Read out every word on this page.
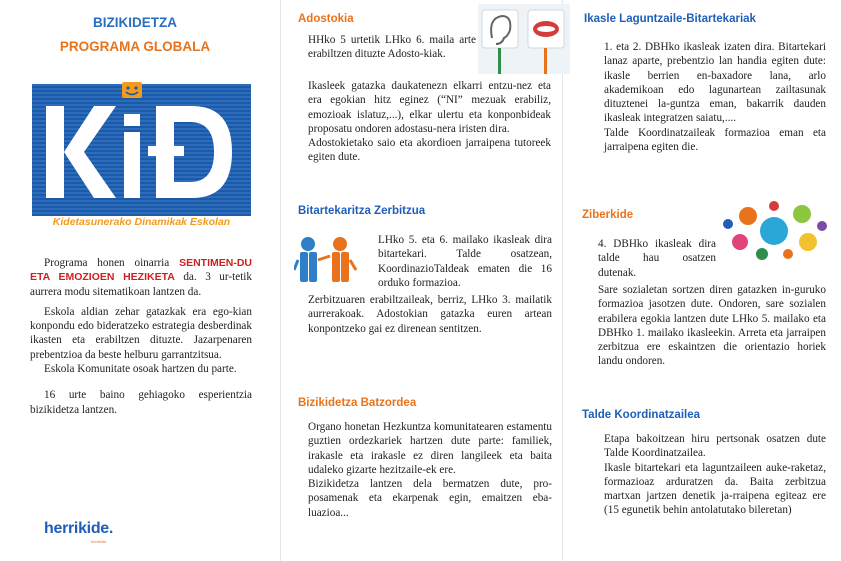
BIZIKIDETZA
PROGRAMA GLOBALA
Kidetasunerako Dinamikak Eskolan

Programa honen oinarria SENTIMEN-DU ETA EMOZIOEN HEZIKETA da. 3 ur-tetik aurrera modu sitematikoan lantzen da.

Eskola aldian zehar gatazkak era ego-kian konpondu edo bideratzeko estrategia desberdinak ikasten eta erabiltzen dituzte. Jazarpenaren prebentzioa da beste helburu garrantzitsua.

Eskola Komunitate osoak hartzen du parte.

16 urte baino gehiagoko esperientzia bizikidetza lantzen.

herrikide.
herrikide
Adostokia
HHko 5 urtetik LHko 6. maila arte erabiltzen dituzte Adosto-kiak.

Ikasleek gatazka daukatenezn elkarri entzu-nez eta era egokian hitz eginez (“NI” mezuak erabiliz, emozioak islatuz,...), elkar ulertu eta konponbideak proposatu ondoren adostasu-nera iristen dira.

Adostokietako saio eta akordioen jarraipena tutoreek egiten dute.

Bitartekaritza Zerbitzua
LHko 5. eta 6. mailako ikasleak dira bitartekari. Talde osatzean, KoordinazioTaldeak ematen die 16 orduko formazioa.
Zerbitzuaren erabiltzaileak, berriz, LHko 3. mailatik aurrerakoak. Adostokian gatazka euren artean konpontzeko gai ez direnean sentitzen.
Bizikidetza Batzordea

Organo honetan Hezkuntza komunitatearen estamentu guztien ordezkariek hartzen dute parte: familiek, irakasle eta irakasle ez diren langileek eta baita udaleko gizarte hezitzaile-ek ere.

Bizikidetza lantzen dela bermatzen dute, pro-posamenak eta ekarpenak egin, emaitzen eba-luazioa...

Ikasle Laguntzaile-Bitartekariak

1. eta 2. DBHko ikasleak izaten dira. Bitartekari lanaz aparte, prebentzio lan handia egiten dute: ikasle berrien en-baxadore lana, arlo akademikoan edo lagunartean zailtasunak dituztenei la-guntza eman, bakarrik dauden ikasleak integratzen saiatu,....

Talde Koordinatzaileak formazioa eman eta jarraipena egiten die.

Ziberkide
4. DBHko ikasleak dira talde hau osatzen dutenak.
Sare sozialetan sortzen diren gatazken in-guruko formazioa jasotzen dute. Ondoren, sare sozialen erabilera egokia lantzen dute LHko 5. mailako eta DBHko 1. mailako ikasleekin. Arreta eta jarraipen zerbitzua ere eskaintzen die orientazio horiek landu ondoren.
Talde Koordinatzailea

Etapa bakoitzean hiru pertsonak osatzen dute Talde Koordinatzailea.

Ikasle bitartekari eta laguntzaileen auke-raketaz, formazioaz arduratzen da. Baita zerbitzua martxan jartzen denetik ja-rraipena egiteaz ere (15 egunetik behin antolatutako bileretan)
